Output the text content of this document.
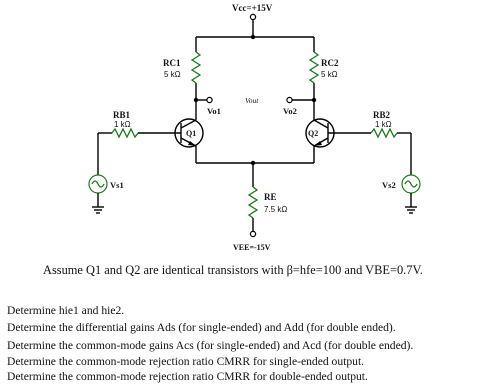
Vcc=+15V
RC1
5 kΩ
Vo1
RC2
5 kΩ
Vo2
Vout
Q1	Q2
RE
7.5 kΩ
VEE=-15V
RB1
1 kΩ
Vs1
RB2
1 kΩ
Vs2
Assume Q1 and Q2 are identical transistors with β=hfe=100 and VBE=0.7V.
Determine hie1 and hie2.
Determine the differential gains Ads (for single-ended) and Add (for double ended).
Determine the common-mode gains Acs (for single-ended) and Acd (for double ended).
Determine the common-mode rejection ratio CMRR for single-ended output.
Determine the common-mode rejection ratio CMRR for double-ended output.
